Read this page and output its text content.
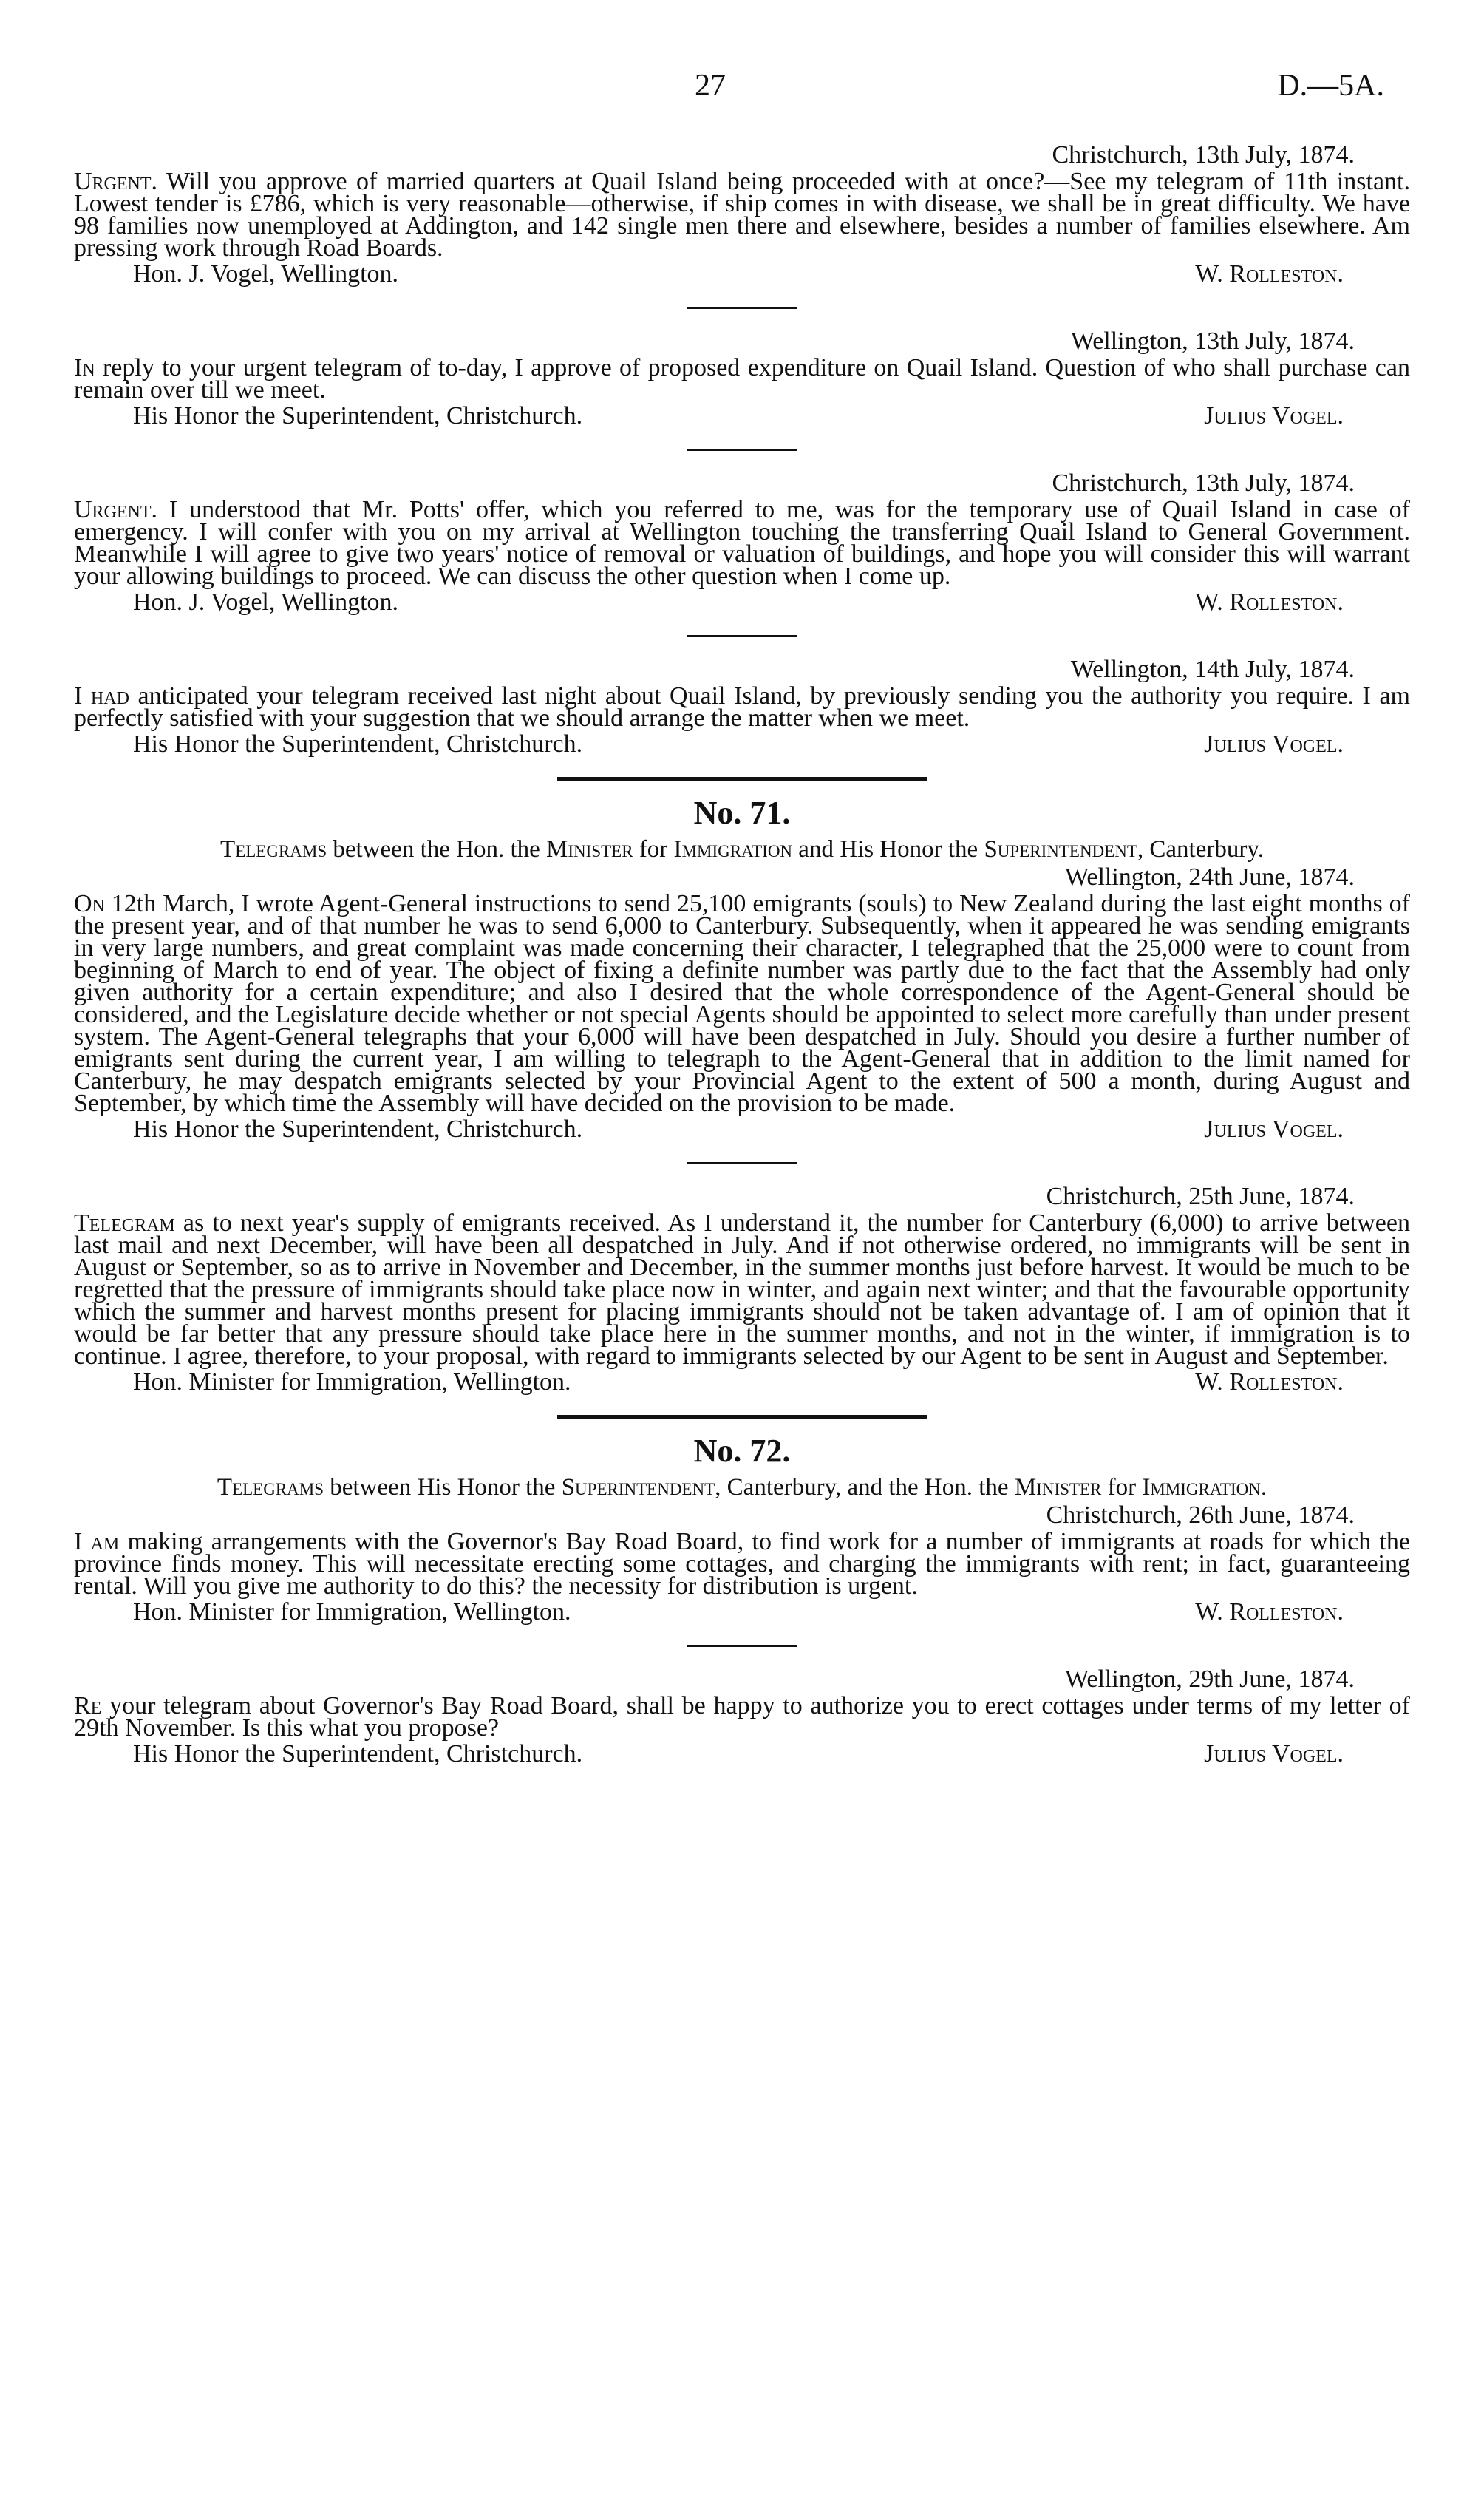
27	D.—5A.
Christchurch, 13th July, 1874.

Urgent. Will you approve of married quarters at Quail Island being proceeded with at once?—See my telegram of 11th instant. Lowest tender is £786, which is very reasonable—otherwise, if ship comes in with disease, we shall be in great difficulty. We have 98 families now unemployed at Addington, and 142 single men there and elsewhere, besides a number of families elsewhere. Am pressing work through Road Boards.

Hon. J. Vogel, Wellington.	W. Rolleston.
Wellington, 13th July, 1874.

In reply to your urgent telegram of to-day, I approve of proposed expenditure on Quail Island. Question of who shall purchase can remain over till we meet.

His Honor the Superintendent, Christchurch.	Julius Vogel.
Christchurch, 13th July, 1874.

Urgent. I understood that Mr. Potts' offer, which you referred to me, was for the temporary use of Quail Island in case of emergency. I will confer with you on my arrival at Wellington touching the transferring Quail Island to General Government. Meanwhile I will agree to give two years' notice of removal or valuation of buildings, and hope you will consider this will warrant your allowing buildings to proceed. We can discuss the other question when I come up.

Hon. J. Vogel, Wellington.	W. Rolleston.
Wellington, 14th July, 1874.

I had anticipated your telegram received last night about Quail Island, by previously sending you the authority you require. I am perfectly satisfied with your suggestion that we should arrange the matter when we meet.

His Honor the Superintendent, Christchurch.	Julius Vogel.
No. 71.

Telegrams between the Hon. the Minister for Immigration and His Honor the Superintendent, Canterbury.

Wellington, 24th June, 1874.

On 12th March, I wrote Agent-General instructions to send 25,100 emigrants (souls) to New Zealand during the last eight months of the present year, and of that number he was to send 6,000 to Canterbury. Subsequently, when it appeared he was sending emigrants in very large numbers, and great complaint was made concerning their character, I telegraphed that the 25,000 were to count from beginning of March to end of year. The object of fixing a definite number was partly due to the fact that the Assembly had only given authority for a certain expenditure; and also I desired that the whole correspondence of the Agent-General should be considered, and the Legislature decide whether or not special Agents should be appointed to select more carefully than under present system. The Agent-General telegraphs that your 6,000 will have been despatched in July. Should you desire a further number of emigrants sent during the current year, I am willing to telegraph to the Agent-General that in addition to the limit named for Canterbury, he may despatch emigrants selected by your Provincial Agent to the extent of 500 a month, during August and September, by which time the Assembly will have decided on the provision to be made.

His Honor the Superintendent, Christchurch.	Julius Vogel.
Christchurch, 25th June, 1874.

Telegram as to next year's supply of emigrants received. As I understand it, the number for Canterbury (6,000) to arrive between last mail and next December, will have been all despatched in July. And if not otherwise ordered, no immigrants will be sent in August or September, so as to arrive in November and December, in the summer months just before harvest. It would be much to be regretted that the pressure of immigrants should take place now in winter, and again next winter; and that the favourable opportunity which the summer and harvest months present for placing immigrants should not be taken advantage of. I am of opinion that it would be far better that any pressure should take place here in the summer months, and not in the winter, if immigration is to continue. I agree, therefore, to your proposal, with regard to immigrants selected by our Agent to be sent in August and September.

Hon. Minister for Immigration, Wellington.	W. Rolleston.
No. 72.

Telegrams between His Honor the Superintendent, Canterbury, and the Hon. the Minister for Immigration.

Christchurch, 26th June, 1874.

I am making arrangements with the Governor's Bay Road Board, to find work for a number of immigrants at roads for which the province finds money. This will necessitate erecting some cottages, and charging the immigrants with rent; in fact, guaranteeing rental. Will you give me authority to do this? the necessity for distribution is urgent.

Hon. Minister for Immigration, Wellington.	W. Rolleston.
Wellington, 29th June, 1874.

Re your telegram about Governor's Bay Road Board, shall be happy to authorize you to erect cottages under terms of my letter of 29th November. Is this what you propose?

His Honor the Superintendent, Christchurch.	Julius Vogel.
